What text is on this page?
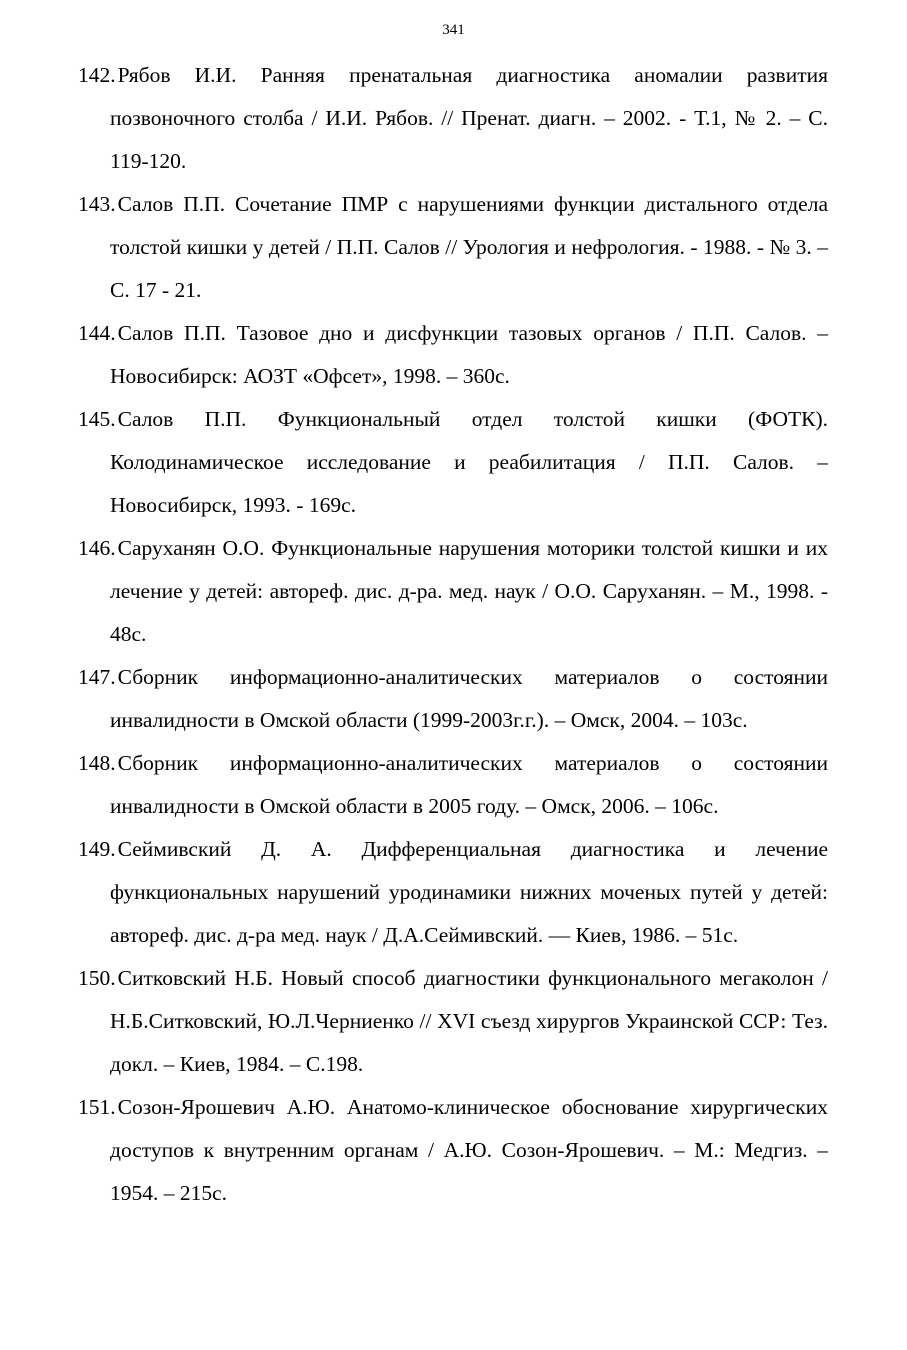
341
142.Рябов И.И. Ранняя пренатальная диагностика аномалии развития позвоночного столба / И.И. Рябов. // Пренат. диагн. – 2002. - Т.1, № 2. – С. 119-120.
143.Салов П.П. Сочетание ПМР с нарушениями функции дистального отдела толстой кишки у детей / П.П. Салов // Урология и нефрология. - 1988. - № 3. – С. 17 - 21.
144.Салов П.П. Тазовое дно и дисфункции тазовых органов / П.П. Салов. – Новосибирск: АОЗТ «Офсет», 1998. – 360с.
145.Салов П.П. Функциональный отдел толстой кишки (ФОТК). Колодинамическое исследование и реабилитация / П.П. Салов. – Новосибирск, 1993. - 169с.
146.Саруханян О.О. Функциональные нарушения моторики толстой кишки и их лечение у детей: автореф. дис. д-ра. мед. наук / О.О. Саруханян. – М., 1998. - 48с.
147.Сборник информационно-аналитических материалов о состоянии инвалидности в Омской области (1999-2003г.г.). – Омск, 2004. – 103с.
148.Сборник информационно-аналитических материалов о состоянии инвалидности в Омской области в 2005 году. – Омск, 2006. – 106с.
149.Сеймивский Д. А. Дифференциальная диагностика и лечение функциональных нарушений уродинамики нижних моченых путей у детей: автореф. дис. д-ра мед. наук / Д.А.Сеймивский. — Киев, 1986. – 51с.
150.Ситковский Н.Б. Новый способ диагностики функционального мегаколон / Н.Б.Ситковский, Ю.Л.Черниенко // XVI съезд хирургов Украинской ССР: Тез. докл. – Киев, 1984. – С.198.
151.Созон-Ярошевич А.Ю. Анатомо-клиническое обоснование хирургических доступов к внутренним органам / А.Ю. Созон-Ярошевич. – М.: Медгиз. – 1954. – 215с.
